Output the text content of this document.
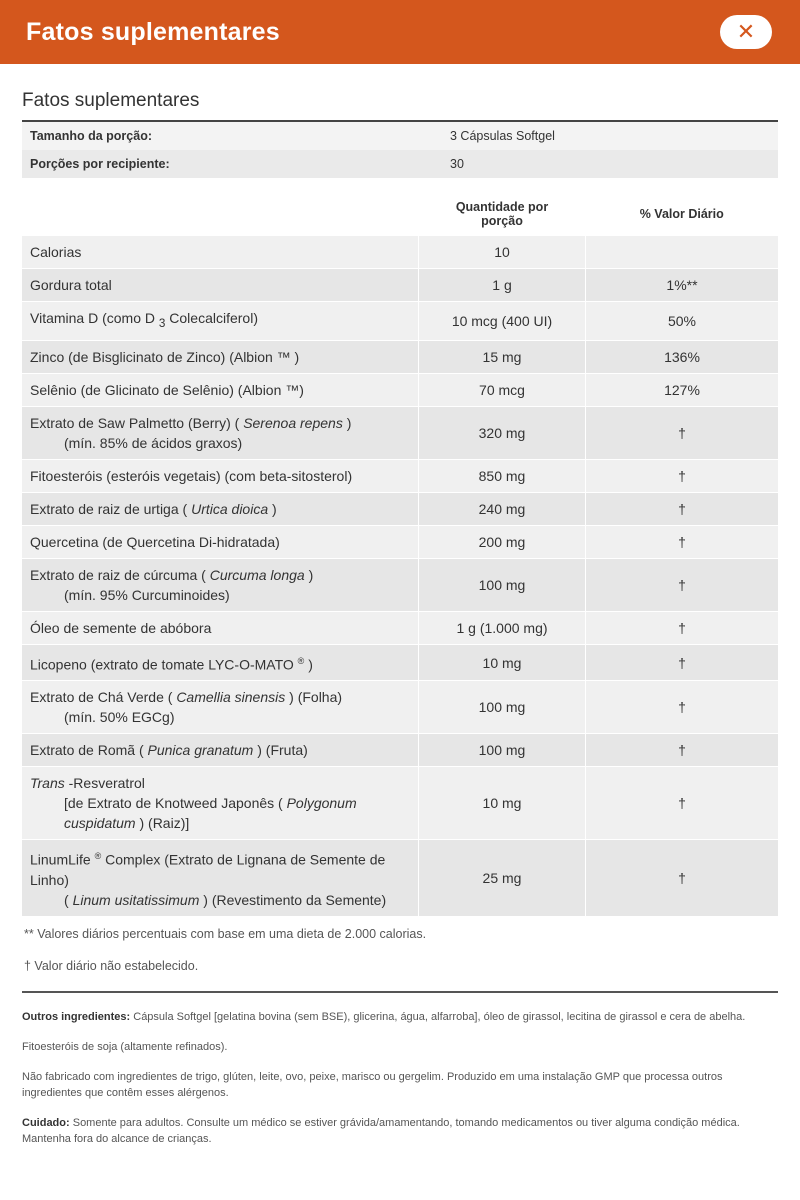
Fatos suplementares	✕
Fatos suplementares
Tamanho da porção:	3 Cápsulas Softgel
Porções por recipiente:	30
	Quantidade por
porção	% Valor Diário
Calorias	10	
Gordura total	1 g	1%**
Vitamina D (como D $_3$ Colecalciferol)	10 mcg (400 UI)	50%
Zinco (de Bisglicinato de Zinco) (Albion ™ )	15 mg	136%
Selênio (de Glicinato de Selênio) (Albion ™)	70 mcg	127%
Extrato de Saw Palmetto (Berry) ( Serenoa repens )
(mín. 85% de ácidos graxos)	320 mg	†
Fitoesteróis (esteróis vegetais) (com beta-sitosterol)	850 mg	†
Extrato de raiz de urtiga ( Urtica dioica )	240 mg	†
Quercetina (de Quercetina Di-hidratada)	200 mg	†
Extrato de raiz de cúrcuma ( Curcuma longa )
(mín. 95% Curcuminoides)	100 mg	†
Óleo de semente de abóbora	1 g (1.000 mg)	†
Licopeno (extrato de tomate LYC-O-MATO ® )	10 mg	†
Extrato de Chá Verde ( Camellia sinensis ) (Folha)
(mín. 50% EGCg)	100 mg	†
Extrato de Romã ( Punica granatum ) (Fruta)	100 mg	†
Trans -Resveratrol

[de Extrato de Knotweed Japonês ( Polygonum cuspidatum ) (Raiz)]	10 mg	†
LinumLife ® Complex (Extrato de Lignana de Semente de Linho)
( Linum usitatissimum ) (Revestimento da Semente)	25 mg	†
** Valores diários percentuais com base em uma dieta de 2.000 calorias.
† Valor diário não estabelecido.

Outros ingredientes: Cápsula Softgel [gelatina bovina (sem BSE), glicerina, água, alfarroba], óleo de girassol, lecitina de girassol e cera de abelha.

Fitoesteróis de soja (altamente refinados).

Não fabricado com ingredientes de trigo, glúten, leite, ovo, peixe, marisco ou gergelim. Produzido em uma instalação GMP que processa outros ingredientes que contêm esses alérgenos.

Cuidado: Somente para adultos. Consulte um médico se estiver grávida/amamentando, tomando medicamentos ou tiver alguma condição médica. Mantenha fora do alcance de crianças.
